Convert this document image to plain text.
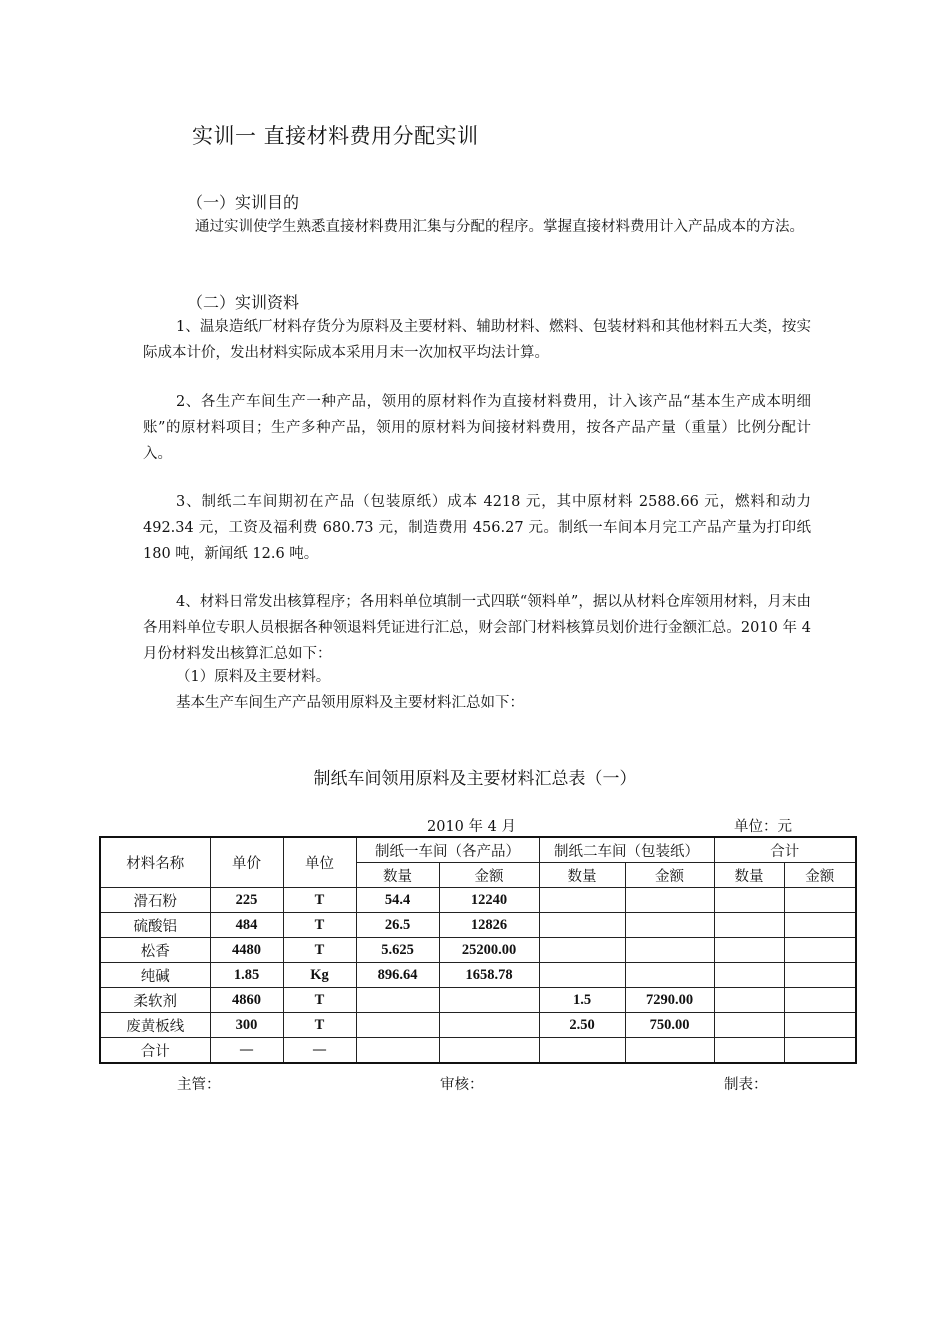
实训一 直接材料费用分配实训
（一）实训目的
通过实训使学生熟悉直接材料费用汇集与分配的程序。掌握直接材料费用计入产品成本的方法。
（二）实训资料
1、温泉造纸厂材料存货分为原料及主要材料、辅助材料、燃料、包装材料和其他材料五大类，按实际成本计价，发出材料实际成本采用月末一次加权平均法计算。
2、各生产车间生产一种产品，领用的原材料作为直接材料费用，计入该产品“基本生产成本明细账”的原材料项目；生产多种产品，领用的原材料为间接材料费用，按各产品产量（重量）比例分配计入。
3、制纸二车间期初在产品（包装原纸）成本 4218 元，其中原材料 2588.66 元，燃料和动力 492.34 元，工资及福利费 680.73 元，制造费用 456.27 元。制纸一车间本月完工产品产量为打印纸 180 吨，新闻纸 12.6 吨。
4、材料日常发出核算程序；各用料单位填制一式四联“领料单”，据以从材料仓库领用材料，月末由各用料单位专职人员根据各种领退料凭证进行汇总，财会部门材料核算员划价进行金额汇总。2010 年 4 月份材料发出核算汇总如下：
（1）原料及主要材料。
基本生产车间生产产品领用原料及主要材料汇总如下：
制纸车间领用原料及主要材料汇总表（一）
2010 年 4 月	单位：元
材料名称	单价	单位	制纸一车间（各产品）		制纸二车间（包装纸）		合计	
			数量	金额	数量	金额	数量	金额
滑石粉	225	T	54.4	12240				
硫酸铝	484	T	26.5	12826				
松香	4480	T	5.625	25200.00				
纯碱	1.85	Kg	896.64	1658.78				
柔软剂	4860	T			1.5	7290.00		
废黄板线	300	T			2.50	750.00		
合计	—	—						
主管：	审核：	制表：
